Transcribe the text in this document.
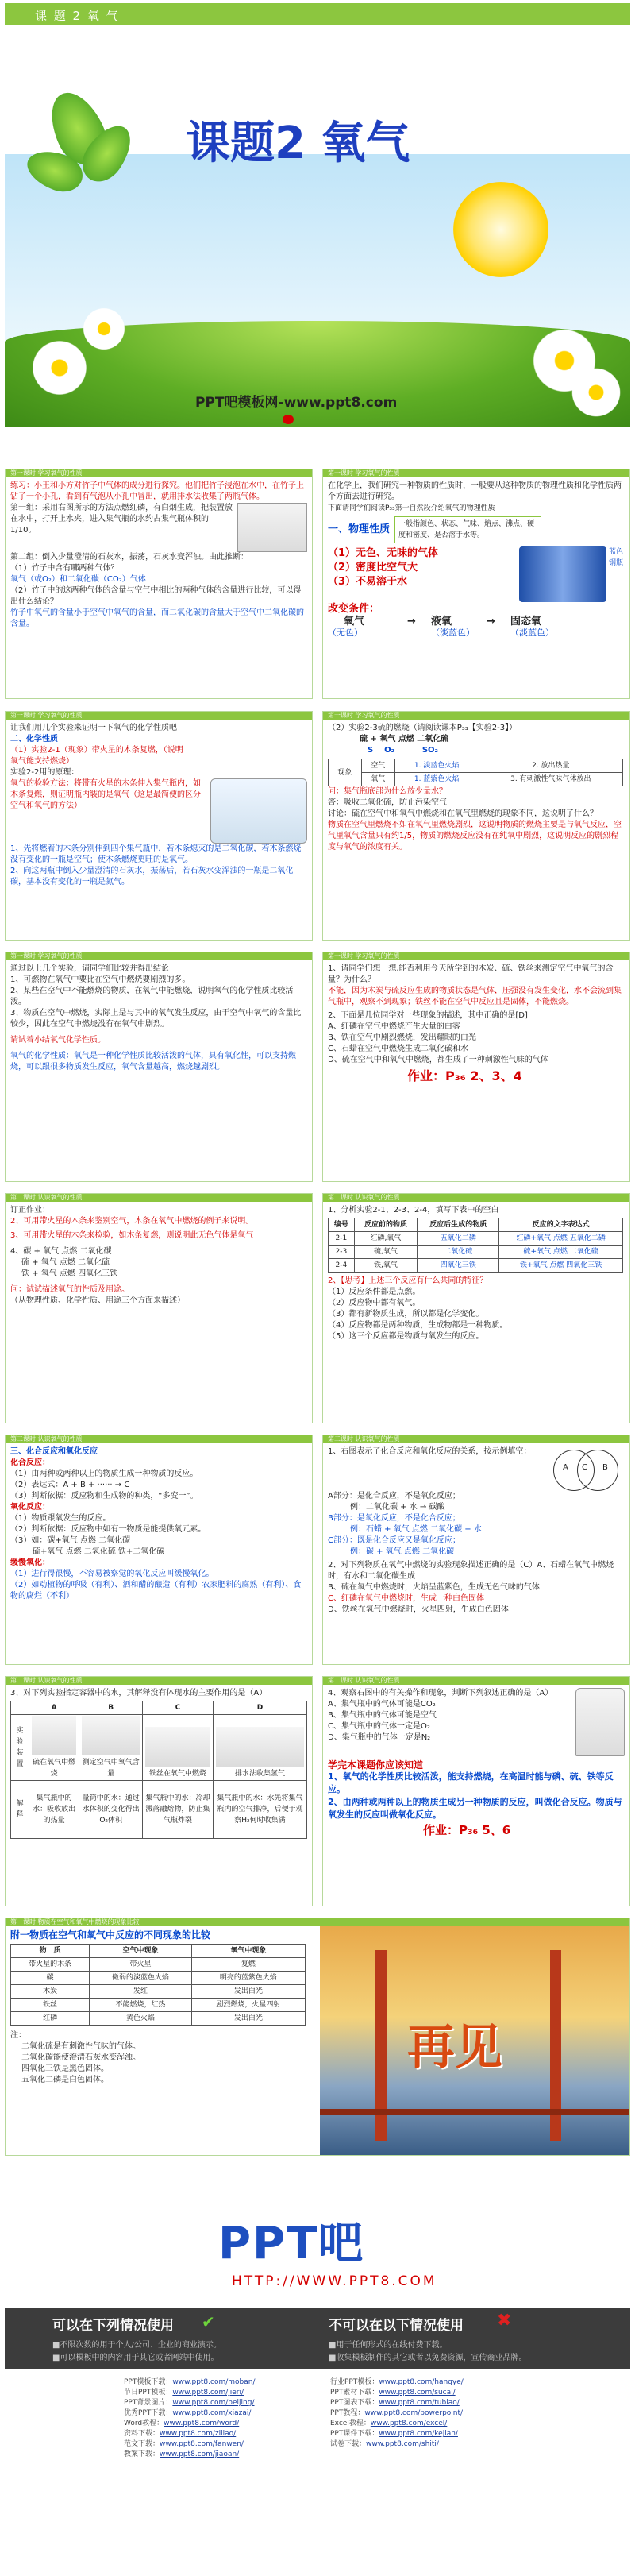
课 题 2 氧 气
课题2 氧气
PPT吧模板网-www.ppt8.com
第一课时 学习氧气的性质
练习：小王和小方对竹子中气体的成分进行探究。他们把竹子浸泡在水中，在竹子上钻了一个小孔，看到有气泡从小孔中冒出，就用排水法收集了两瓶气体。
第一组：采用右图所示的方法点燃红磷，有白烟生成，把装置放在水中，打开止水夹，进入集气瓶的水约占集气瓶体积的1/10。
第二组：倒入少量澄清的石灰水，振荡，石灰水变浑浊。由此推断：
（1）竹子中含有哪两种气体？
氧气（或O₂）和二氧化碳（CO₂）气体
（2）竹子中的这两种气体的含量与空气中相比的两种气体的含量进行比较，可以得出什么结论？
竹子中氧气的含量小于空气中氧气的含量，而二氧化碳的含量大于空气中二氧化碳的含量。
第一课时 学习氧气的性质
在化学上，我们研究一种物质的性质时，一般要从这种物质的物理性质和化学性质两个方面去进行研究。
下面请同学们阅读P₃₃第一自然段介绍氧气的物理性质
一、物理性质	一般指颜色、状态、气味、熔点、沸点、硬度和密度、是否溶于水等。
（1）无色、无味的气体
（2）密度比空气大
（3）不易溶于水
蓝色钢瓶
改变条件：
氧气	→	液氧	→	固态氧
（无色）	（淡蓝色）	（淡蓝色）
第一课时 学习氧气的性质
让我们用几个实验来证明一下氧气的化学性质吧！
二、化学性质
（1）实验2-1（现象）带火星的木条复燃，（说明氧气能支持燃烧）
实验2-2用的原理：
氧气的检验方法：将带有火星的木条伸入集气瓶内，如木条复燃，则证明瓶内装的是氧气（这是最简便的区分空气和氧气的方法）
1、先将燃着的木条分别伸到四个集气瓶中，若木条熄灭的是二氧化碳，若木条燃烧没有变化的一瓶是空气；使木条燃烧更旺的是氧气。
2、向这两瓶中倒入少量澄清的石灰水，振荡后，若石灰水变浑浊的一瓶是二氧化碳，基本没有变化的一瓶是氮气。
第一课时 学习氧气的性质
（2）实验2-3硫的燃烧（请阅读课本P₃₃【实验2-3】）
硫 + 氧气 点燃 二氧化硫
S    O₂          SO₂
现象	空气	1. 淡蓝色火焰	2. 放出热量
	氧气	1. 蓝紫色火焰	3. 有刺激性气味气体放出
问：集气瓶底部为什么放少量水？
答：吸收二氧化硫，防止污染空气
讨论：硫在空气中和氧气中燃烧和在氧气里燃烧的现象不同，这说明了什么？
物质在空气里燃烧不如在氧气里燃烧剧烈，这说明物质的燃烧主要是与氧气反应，空气里氧气含量只有约1/5，物质的燃烧反应没有在纯氧中剧烈，这说明反应的剧烈程度与氧气的浓度有关。
第一课时 学习氧气的性质
通过以上几个实验，请同学们比较并得出结论
1、可燃物在氧气中要比在空气中燃烧要剧烈的多。
2、某些在空气中不能燃烧的物质，在氧气中能燃烧，说明氧气的化学性质比较活泼。
3、物质在空气中燃烧，实际上是与其中的氧气发生反应，由于空气中氧气的含量比较少，因此在空气中燃烧没有在氧气中剧烈。
请试着小结氧气化学性质。
氧气的化学性质：氧气是一种化学性质比较活泼的气体，具有氧化性，可以支持燃烧，可以跟很多物质发生反应，氧气含量越高，燃烧越剧烈。
第一课时 学习氧气的性质
1、请同学们想一想,能否利用今天所学到的木炭、硫、铁丝来测定空气中氧气的含量？为什么？
不能，因为木炭与硫反应生成的物质状态是气体，压强没有发生变化，水不会流到集气瓶中，观察不到现象；铁丝不能在空气中反应且是固体，不能燃烧。
2、下面是几位同学对一些现象的描述，其中正确的是[D]
A、红磷在空气中燃烧产生大量的白雾
B、铁在空气中剧烈燃烧，发出耀眼的白光
C、石蜡在空气中燃烧生成二氧化碳和水
D、硫在空气中和氧气中燃烧，都生成了一种刺激性气味的气体
作业：P₃₆ 2、3、4
第二课时 认识氧气的性质
订正作业：
2、可用带火星的木条来鉴别空气，木条在氧气中燃烧的例子来说明。
3、可用带火星的木条来检验，如木条复燃，则说明此无色气体是氧气
4、碳 + 氧气 点燃 二氧化碳
硫 + 氧气 点燃 二氧化硫
铁 + 氧气 点燃 四氧化三铁
问：试试描述氧气的性质及用途。
（从物理性质、化学性质、用途三个方面来描述）
第二课时 认识氧气的性质
1、分析实验2-1、2-3、2-4，填写下表中的空白
编号	反应前的物质	反应后生成的物质	反应的文字表达式
2-1	红磷,氧气	五氧化二磷	红磷+氧气 点燃 五氧化二磷
2-3	硫,氧气	二氧化硫	硫+氧气 点燃 二氧化硫
2-4	铁,氧气	四氧化三铁	铁+氧气 点燃 四氧化三铁
2、【思考】上述三个反应有什么共同的特征？
（1）反应条件都是点燃。
（2）反应物中都有氧气。
（3）都有新物质生成，所以都是化学变化。
（4）反应物都是两种物质，生成物都是一种物质。
（5）这三个反应都是物质与氧发生的反应。
第二课时 认识氧气的性质
三、化合反应和氧化反应
化合反应：
（1）由两种或两种以上的物质生成一种物质的反应。
（2）表达式：A + B + ······ → C
（3）判断依据：反应物和生成物的种类，“多变一”。
氧化反应：
（1）物质跟氧发生的反应。
（2）判断依据：反应物中如有一物质是能提供氧元素。
（3）如：碳+氧气 点燃 二氧化碳
硫+氧气 点燃 二氧化硫 铁+二氧化碳
缓慢氧化：
（1）进行得很慢，不容易被察觉的氧化反应叫缓慢氧化。
（2）如动植物的呼吸（有利）、酒和醋的酿造（有利）农家肥料的腐熟（有利）、食物的腐烂（不利）
第二课时 认识氧气的性质
1、右图表示了化合反应和氧化反应的关系，按示例填空：
A C B
A部分：是化合反应，不是氧化反应；
例：二氧化碳 + 水 → 碳酸
B部分：是氧化反应，不是化合反应；
例：石蜡 + 氧气 点燃 二氧化碳 + 水
C部分：既是化合反应又是氧化反应；
例：碳 + 氧气 点燃 二氧化碳
2、对下列物质在氧气中燃烧的实验现象描述正确的是（C）A、石蜡在氧气中燃烧时，有水和二氧化碳生成
B、硫在氧气中燃烧时，火焰呈蓝紫色，生成无色气味的气体
C、红磷在氧气中燃烧时，生成一种白色固体
D、铁丝在氧气中燃烧时，火星四射，生成白色固体
第二课时 认识氧气的性质
3、对下列实验指定容器中的水，其解释没有体现水的主要作用的是（A）
	A	B	C	D
实验装置	硫在氧气中燃烧	测定空气中氧气含量	铁丝在氧气中燃烧	排水法收集氢气
解释	集气瓶中的水：吸收放出的热量	量筒中的水：通过水体积的变化得出O₂体积	集气瓶中的水：冷却溅落融熔物，防止集气瓶炸裂	集气瓶中的水：水先将集气瓶内的空气排净，后便于观察H₂何时收集满
第二课时 认识氧气的性质
4、观察右图中的有关操作和现象，判断下列叙述正确的是（A）
A、集气瓶中的气体可能是CO₂
B、集气瓶中的气体可能是空气
C、集气瓶中的气体一定是O₂
D、集气瓶中的气体一定是N₂
学完本课题你应该知道
1、氧气的化学性质比较活泼，能支持燃烧，在高温时能与磷、硫、铁等反应。
2、由两种或两种以上的物质生成另一种物质的反应，叫做化合反应。物质与氧发生的反应叫做氧化反应。
作业：P₃₆ 5、6
第一课时 物质在空气和氧气中燃烧的现象比较
附一物质在空气和氧气中反应的不同现象的比较
物　质	空气中现象	氧气中现象
带火星的木条	带火星	复燃
碳	微弱的淡蓝色火焰	明亮的蓝紫色火焰
木炭	发红	发出白光
铁丝	不能燃烧，红热	剧烈燃烧，火星四射
红磷	黄色火焰	发出白光
注：
二氧化硫是有刺激性气味的气体。
二氧化碳能使澄清石灰水变浑浊。
四氧化三铁是黑色固体。
五氧化二磷是白色固体。
再见
PPT吧
HTTP://WWW.PPT8.COM
可以在下列情况使用 ✔
■不限次数的用于个人/公司、企业的商业演示。
■可以模板中的内容用于其它或者网站中使用。
不可以在以下情况使用 ✖
■用于任何形式的在线付费下载。
■收集模板制作的其它或者以免费资源，宣传商业品牌。
PPT模板下载：www.ppt8.com/moban/
节日PPT模板：www.ppt8.com/jieri/
PPT背景图片：www.ppt8.com/beijing/
优秀PPT下载：www.ppt8.com/xiazai/
Word教程：www.ppt8.com/word/
资料下载：www.ppt8.com/ziliao/
范文下载：www.ppt8.com/fanwen/
教案下载：www.ppt8.com/jiaoan/
行业PPT模板：www.ppt8.com/hangye/
PPT素材下载：www.ppt8.com/sucai/
PPT图表下载：www.ppt8.com/tubiao/
PPT教程：www.ppt8.com/powerpoint/
Excel教程：www.ppt8.com/excel/
PPT课件下载：www.ppt8.com/kejian/
试卷下载：www.ppt8.com/shiti/
